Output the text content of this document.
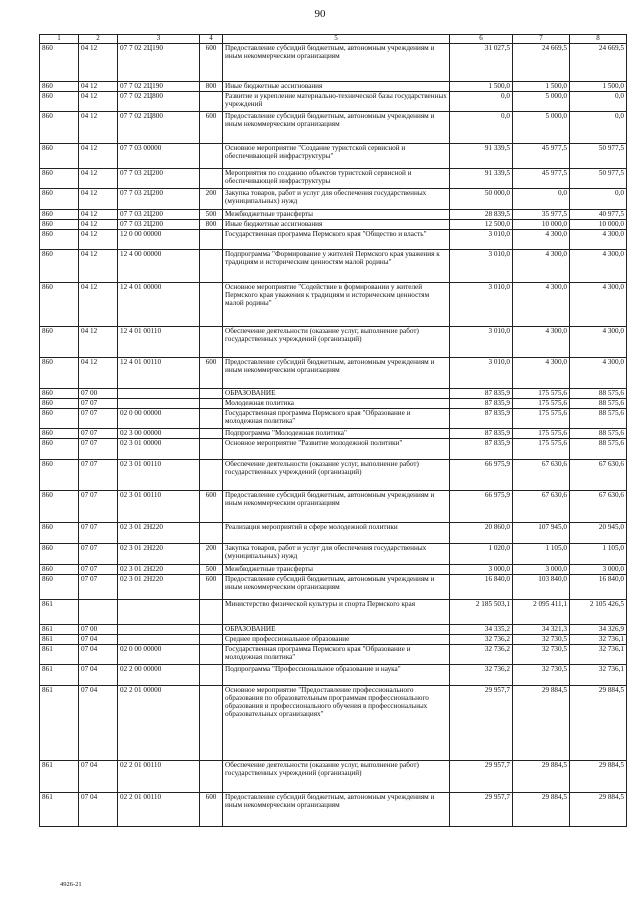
90
1	2	3	4	5	6	7	8
860	04 12	07 7 02 2Ц190	600	Предоставление субсидий бюджетным, автономным учреждениям и иным некоммерческим организациям	31 027,5	24 669,5	24 669,5
860	04 12	07 7 02 2Ц190	800	Иные бюджетные ассигнования	1 500,0	1 500,0	1 500,0
860	04 12	07 7 02 2Ц800		Развитие и укрепление материально-технической базы государственных учреждений	0,0	5 000,0	0,0
860	04 12	07 7 02 2Ц800	600	Предоставление субсидий бюджетным, автономным учреждениям и иным некоммерческим организациям	0,0	5 000,0	0,0
860	04 12	07 7 03 00000		Основное мероприятие "Создание туристской сервисной и обеспечивающей инфраструктуры"	91 339,5	45 977,5	50 977,5
860	04 12	07 7 03 2Ц200		Мероприятия по созданию объектов туристской сервисной и обеспечивающей инфраструктуры	91 339,5	45 977,5	50 977,5
860	04 12	07 7 03 2Ц200	200	Закупка товаров, работ и услуг для обеспечения государственных (муниципальных) нужд	50 000,0	0,0	0,0
860	04 12	07 7 03 2Ц200	500	Межбюджетные трансферты	28 839,5	35 977,5	40 977,5
860	04 12	07 7 03 2Ц200	800	Иные бюджетные ассигнования	12 500,0	10 000,0	10 000,0
860	04 12	12 0 00 00000		Государственная программа Пермского края "Общество и власть"	3 010,0	4 300,0	4 300,0
860	04 12	12 4 00 00000		Подпрограмма "Формирование у жителей Пермского края уважения к традициям и историческим ценностям малой родины"	3 010,0	4 300,0	4 300,0
860	04 12	12 4 01 00000		Основное мероприятие "Содействие в формировании у жителей Пермского края уважения к традициям и историческим ценностям малой родины"	3 010,0	4 300,0	4 300,0
860	04 12	12 4 01 00110		Обеспечение деятельности (оказание услуг, выполнение работ) государственных учреждений (организаций)	3 010,0	4 300,0	4 300,0
860	04 12	12 4 01 00110	600	Предоставление субсидий бюджетным, автономным учреждениям и иным некоммерческим организациям	3 010,0	4 300,0	4 300,0
860	07 00			ОБРАЗОВАНИЕ	87 835,9	175 575,6	88 575,6
860	07 07			Молодежная политика	87 835,9	175 575,6	88 575,6
860	07 07	02 0 00 00000		Государственная программа Пермского края "Образование и молодежная политика"	87 835,9	175 575,6	88 575,6
860	07 07	02 3 00 00000		Подпрограмма "Молодежная политика"	87 835,9	175 575,6	88 575,6
860	07 07	02 3 01 00000		Основное мероприятие "Развитие молодежной политики"	87 835,9	175 575,6	88 575,6
860	07 07	02 3 01 00110		Обеспечение деятельности (оказание услуг, выполнение работ) государственных учреждений (организаций)	66 975,9	67 630,6	67 630,6
860	07 07	02 3 01 00110	600	Предоставление субсидий бюджетным, автономным учреждениям и иным некоммерческим организациям	66 975,9	67 630,6	67 630,6
860	07 07	02 3 01 2Н220		Реализация мероприятий в сфере молодежной политики	20 860,0	107 945,0	20 945,0
860	07 07	02 3 01 2Н220	200	Закупка товаров, работ и услуг для обеспечения государственных (муниципальных) нужд	1 020,0	1 105,0	1 105,0
860	07 07	02 3 01 2Н220	500	Межбюджетные трансферты	3 000,0	3 000,0	3 000,0
860	07 07	02 3 01 2Н220	600	Предоставление субсидий бюджетным, автономным учреждениям и иным некоммерческим организациям	16 840,0	103 840,0	16 840,0
861				Министерство физической культуры и спорта Пермского края	2 185 503,1	2 095 411,1	2 105 426,5
861	07 00			ОБРАЗОВАНИЕ	34 335,2	34 321,3	34 326,9
861	07 04			Среднее профессиональное образование	32 736,2	32 730,5	32 736,1
861	07 04	02 0 00 00000		Государственная программа Пермского края "Образование и молодежная политика"	32 736,2	32 730,5	32 736,1
861	07 04	02 2 00 00000		Подпрограмма "Профессиональное образование и наука"	32 736,2	32 730,5	32 736,1
861	07 04	02 2 01 00000		Основное мероприятие "Предоставление профессионального образования по образовательным программам профессионального образования и профессионального обучения в профессиональных образовательных организациях"	29 957,7	29 884,5	29 884,5
861	07 04	02 2 01 00110		Обеспечение деятельности (оказание услуг, выполнение работ) государственных учреждений (организаций)	29 957,7	29 884,5	29 884,5
861	07 04	02 2 01 00110	600	Предоставление субсидий бюджетным, автономным учреждениям и иным некоммерческим организациям	29 957,7	29 884,5	29 884,5
4926-21
